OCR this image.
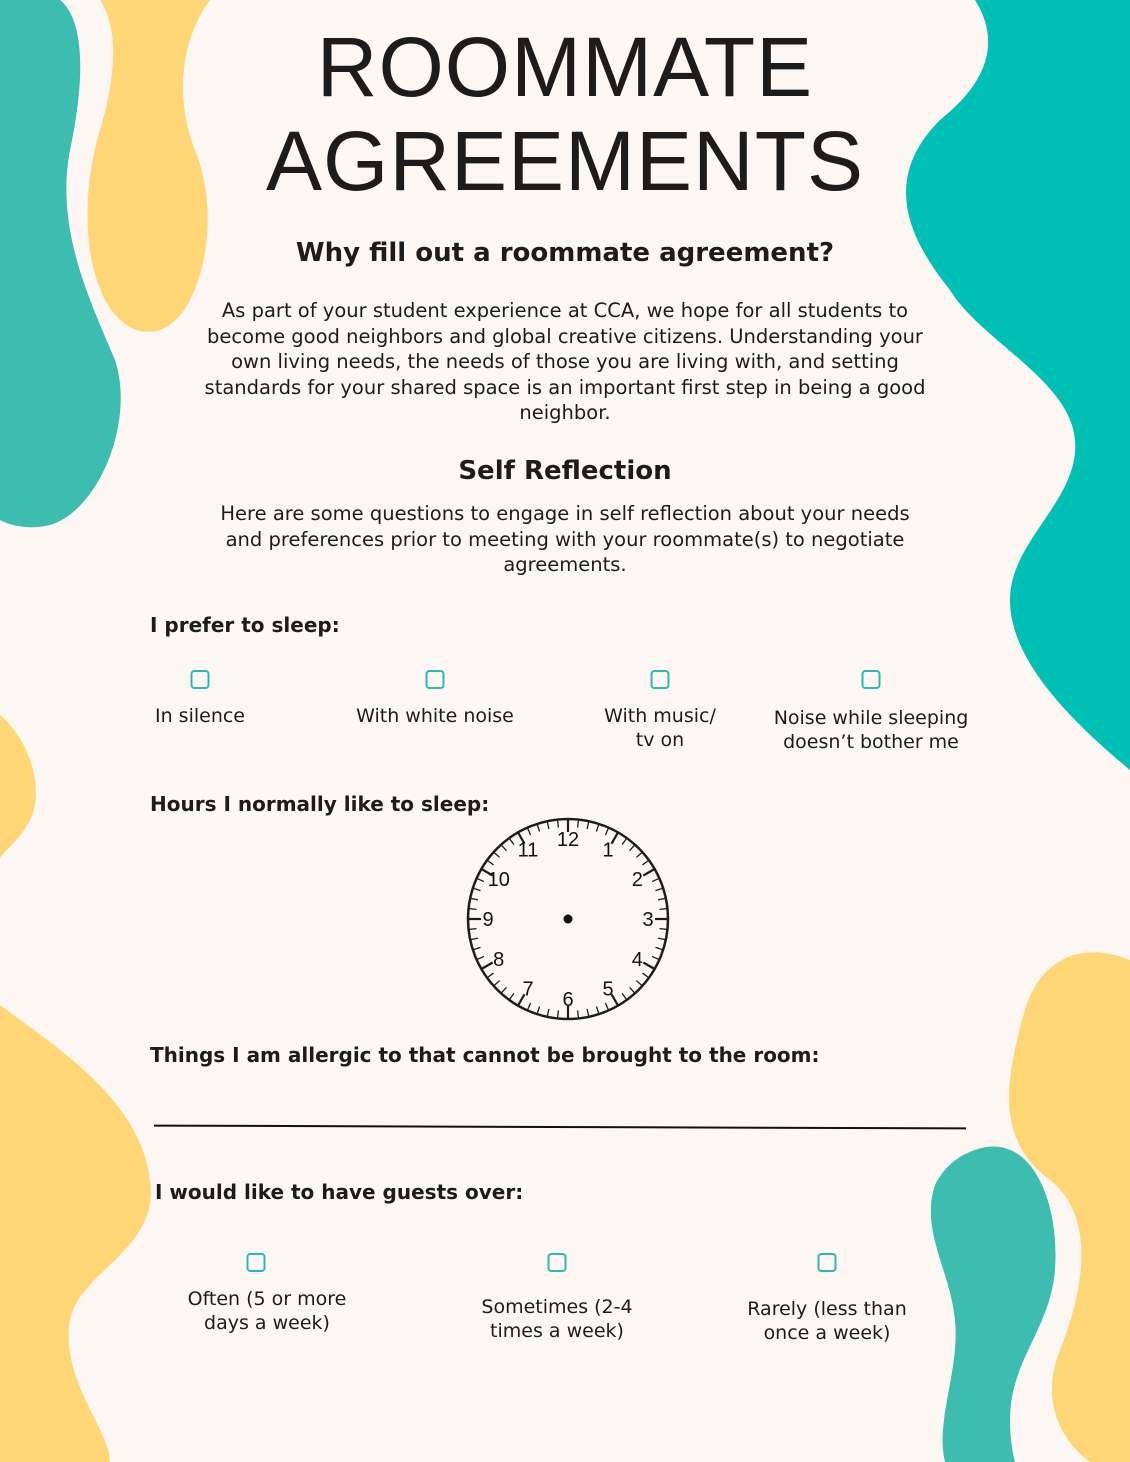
ROOMMATE
AGREEMENTS
Why fill out a roommate agreement?
As part of your student experience at CCA, we hope for all students to become good neighbors and global creative citizens. Understanding your own living needs, the needs of those you are living with, and setting standards for your shared space is an important first step in being a good neighbor.
Self Reflection
Here are some questions to engage in self reflection about your needs and preferences prior to meeting with your roommate(s) to negotiate agreements.
I prefer to sleep:
In silence	With white noise	With music/ tv on
Noise while sleeping doesn’t bother me
Hours I normally like to sleep:
12 1
2
3
4
5
6
7
8
9
10
11
Things I am allergic to that cannot be brought to the room:
I would like to have guests over:
Often (5 or more days a week)
Sometimes (2-4 times a week)
Rarely (less than once a week)
